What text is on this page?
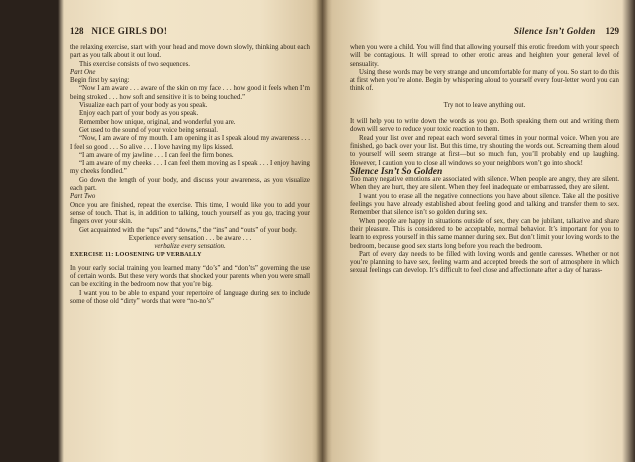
128 NICE GIRLS DO!

the relaxing exercise, start with your head and move down slowly, thinking about each part as you talk about it out loud.

This exercise consists of two sequences.

Part One

Begin first by saying:

“Now I am aware . . . aware of the skin on my face . . . how good it feels when I’m being stroked . . . how soft and sensitive it is to being touched.”

Visualize each part of your body as you speak.

Enjoy each part of your body as you speak.

Remember how unique, original, and wonderful you are.

Get used to the sound of your voice being sensual.

“Now, I am aware of my mouth. I am opening it as I speak aloud my awareness . . . I feel so good . . . So alive . . . I love having my lips kissed.

“I am aware of my jawline . . . I can feel the firm bones.

“I am aware of my cheeks . . . I can feel them moving as I speak . . . I enjoy having my cheeks fondled.”

Go down the length of your body, and discuss your awareness, as you visualize each part.

Part Two

Once you are finished, repeat the exercise. This time, I would like you to add your sense of touch. That is, in addition to talking, touch yourself as you go, tracing your fingers over your skin.

Get acquainted with the “ups” and “downs,” the “ins” and “outs” of your body.

Experience every sensation . . . be aware . . .

verbalize every sensation.

EXERCISE 11: LOOSENING UP VERBALLY

In your early social training you learned many “do’s” and “don’ts” governing the use of certain words. But these very words that shocked your parents when you were small can be exciting in the bedroom now that you’re big.

I want you to be able to expand your repertoire of language during sex to include some of those old “dirty” words that were “no-no’s”

Silence Isn’t Golden 129

when you were a child. You will find that allowing yourself this erotic freedom with your speech will be contagious. It will spread to other erotic areas and heighten your general level of sensuality.

Using these words may be very strange and uncomfortable for many of you. So start to do this at first when you’re alone. Begin by whispering aloud to yourself every four-letter word you can think of.

Try not to leave anything out.

It will help you to write down the words as you go. Both speaking them out and writing them down will serve to reduce your toxic reaction to them.

Read your list over and repeat each word several times in your normal voice. When you are finished, go back over your list. But this time, try shouting the words out. Screaming them aloud to yourself will seem strange at first—but so much fun, you’ll probably end up laughing. However, I caution you to close all windows so your neighbors won’t go into shock!

Silence Isn’t So Golden

Too many negative emotions are associated with silence. When people are angry, they are silent. When they are hurt, they are silent. When they feel inadequate or embarrassed, they are silent.

I want you to erase all the negative connections you have about silence. Take all the positive feelings you have already established about feeling good and talking and transfer them to sex. Remember that silence isn’t so golden during sex.

When people are happy in situations outside of sex, they can be jubilant, talkative and share their pleasure. This is considered to be acceptable, normal behavior. It’s important for you to learn to express yourself in this same manner during sex. But don’t limit your loving words to the bedroom, because good sex starts long before you reach the bedroom.

Part of every day needs to be filled with loving words and gentle caresses. Whether or not you’re planning to have sex, feeling warm and accepted breeds the sort of atmosphere in which sexual feelings can develop. It’s difficult to feel close and affectionate after a day of harass-
